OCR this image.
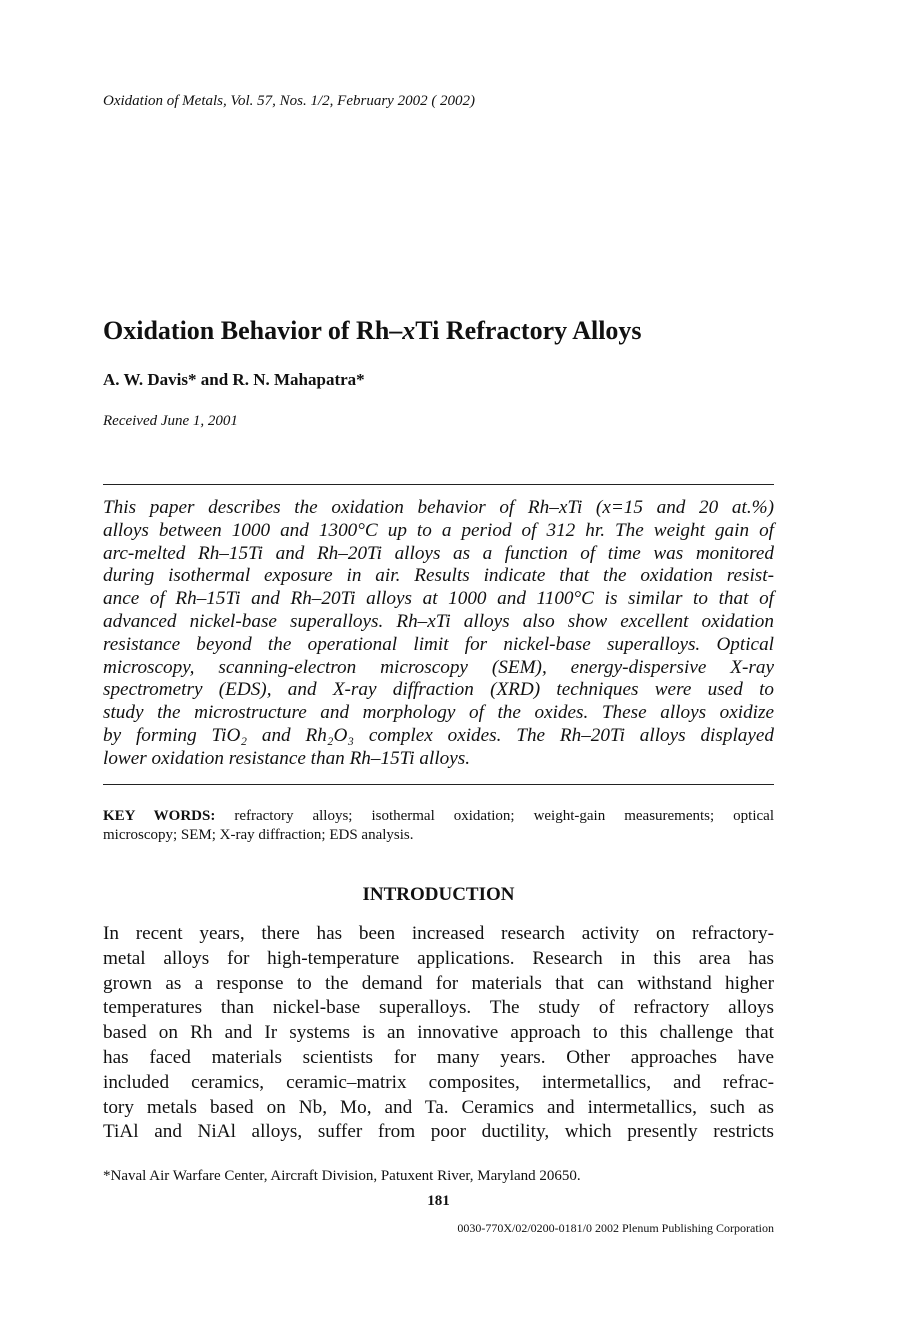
Oxidation of Metals, Vol. 57, Nos. 1/2, February 2002 ( 2002)
Oxidation Behavior of Rh–xTi Refractory Alloys
A. W. Davis* and R. N. Mahapatra*
Received June 1, 2001
This paper describes the oxidation behavior of Rh–xTi (x=15 and 20 at.%)
alloys between 1000 and 1300°C up to a period of 312 hr. The weight gain of
arc-melted Rh–15Ti and Rh–20Ti alloys as a function of time was monitored
during isothermal exposure in air. Results indicate that the oxidation resist-
ance of Rh–15Ti and Rh–20Ti alloys at 1000 and 1100°C is similar to that of
advanced nickel-base superalloys. Rh–xTi alloys also show excellent oxidation
resistance beyond the operational limit for nickel-base superalloys. Optical
microscopy, scanning-electron microscopy (SEM), energy-dispersive X-ray
spectrometry (EDS), and X-ray diffraction (XRD) techniques were used to
study the microstructure and morphology of the oxides. These alloys oxidize
by forming TiO₂ and Rh₂O₃ complex oxides. The Rh–20Ti alloys displayed
lower oxidation resistance than Rh–15Ti alloys.
KEY WORDS: refractory alloys; isothermal oxidation; weight-gain measurements; optical
microscopy; SEM; X-ray diffraction; EDS analysis.
INTRODUCTION
In recent years, there has been increased research activity on refractory-
metal alloys for high-temperature applications. Research in this area has
grown as a response to the demand for materials that can withstand higher
temperatures than nickel-base superalloys. The study of refractory alloys
based on Rh and Ir systems is an innovative approach to this challenge that
has faced materials scientists for many years. Other approaches have
included ceramics, ceramic–matrix composites, intermetallics, and refrac-
tory metals based on Nb, Mo, and Ta. Ceramics and intermetallics, such as
TiAl and NiAl alloys, suffer from poor ductility, which presently restricts
*Naval Air Warfare Center, Aircraft Division, Patuxent River, Maryland 20650.
181
0030-770X/02/0200-0181/0 2002 Plenum Publishing Corporation
